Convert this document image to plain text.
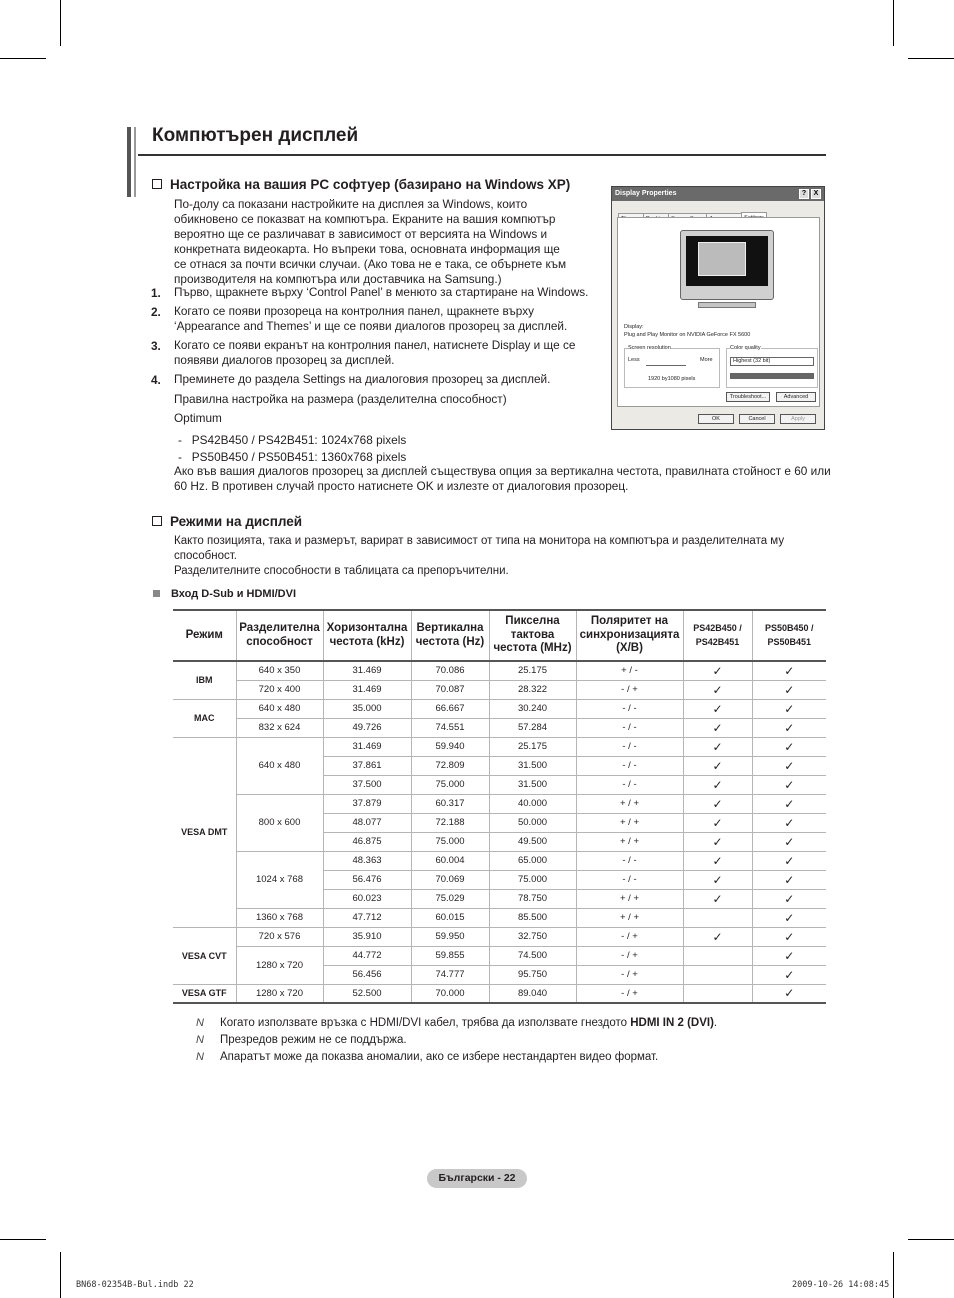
Компютърен дисплей
Настройка на вашия PC софтуер (базирано на Windows XP)
По-долу са показани настройките на дисплея за Windows, които
обикновено се показват на компютъра. Екраните на вашия компютър
вероятно ще се различават в зависимост от версията на Windows и
конкретната видеокарта. Но въпреки това, основната информация ще
се отнася за почти всички случаи. (Ако това не е така, се обърнете към
производителя на компютъра или доставчика на Samsung.)
1. Първо, щракнете върху ‘Control Panel’ в менюто за стартиране на Windows.
2. Когато се появи прозореца на контролния панел, щракнете върху
‘Appearance and Themes’ и ще се появи диалогов прозорец за дисплей.
3. Когато се появи екранът на контролния панел, натиснете Display и ще се
появяви диалогов прозорец за дисплей.
4. Преминете до раздела Settings на диалоговия прозорец за дисплей.
Правилна настройка на размера (разделителна способност)
Optimum
-   PS42B450 / PS42B451: 1024x768 pixels
-   PS50B450 / PS50B451: 1360x768 pixels
Ако във вашия диалогов прозорец за дисплей съществува опция за вертикална честота, правилната стойност е 60 или
60 Hz. В противен случай просто натиснете OK и излезте от диалоговия прозорец.
Display Properties	?	X
Display:
Plug and Play Monitor on NVIDIA GeForce FX 5600
Screen resolution
Less	More
1920 by1080 pixels
Color quality
Highest (32 bit)
Troubleshoot...	Advanced
OK	Cancel	Apply
Режими на дисплей
Както позицията, така и размерът, варират в зависимост от типа на монитора на компютъра и разделителната му
способност.
Разделителните способности в таблицата са препоръчителни.
Вход D-Sub и HDMI/DVI
Режим	Разделителна способност	Хоризонтална честота (kHz)	Вертикална честота (Hz)	Пикселна тактова честота (MHz)	Поляритет на синхронизацията (Х/В)	PS42B450 / PS42B451	PS50B450 / PS50B451
IBM	640 x 350	31.469	70.086	25.175	+ / -	✓	✓
	720 x 400	31.469	70.087	28.322	- / +	✓	✓
MAC	640 x 480	35.000	66.667	30.240	- / -	✓	✓
	832 x 624	49.726	74.551	57.284	- / -	✓	✓
VESA DMT	640 x 480	31.469	59.940	25.175	- / -	✓	✓
		37.861	72.809	31.500	- / -	✓	✓
		37.500	75.000	31.500	- / -	✓	✓
	800 x 600	37.879	60.317	40.000	+ / +	✓	✓
		48.077	72.188	50.000	+ / +	✓	✓
		46.875	75.000	49.500	+ / +	✓	✓
	1024 x 768	48.363	60.004	65.000	- / -	✓	✓
		56.476	70.069	75.000	- / -	✓	✓
		60.023	75.029	78.750	+ / +	✓	✓
	1360 x 768	47.712	60.015	85.500	+ / +		✓
VESA CVT	720 x 576	35.910	59.950	32.750	- / +	✓	✓
	1280 x 720	44.772	59.855	74.500	- / +		✓
		56.456	74.777	95.750	- / +		✓
VESA GTF	1280 x 720	52.500	70.000	89.040	- / +		✓
N Когато използвате връзка с HDMI/DVI кабел, трябва да използвате гнездото HDMI IN 2 (DVI).
N Презредов режим не се поддържа.
N Апаратът може да показва аномалии, ако се избере нестандартен видео формат.
Български - 22
BN68-02354B-Bul.indb 22	2009-10-26 14:08:45
